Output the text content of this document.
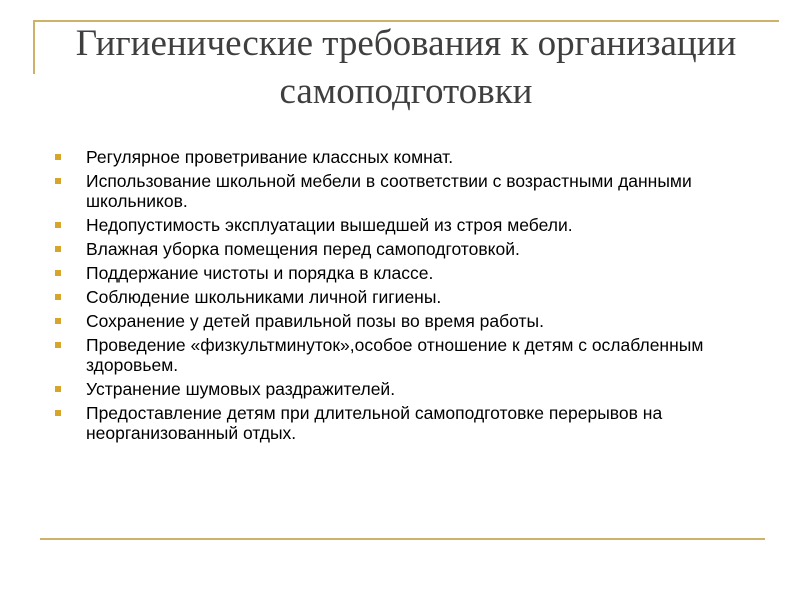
Гигиенические требования к организации
самоподготовки
Регулярное проветривание классных комнат.
Использование школьной мебели в соответствии с возрастными данными школьников.
Недопустимость эксплуатации вышедшей из строя мебели.
Влажная уборка помещения перед самоподготовкой.
Поддержание чистоты и порядка в классе.
Соблюдение школьниками личной гигиены.
Сохранение у детей правильной позы во время работы.
Проведение «физкультминуток»,особое отношение к детям с ослабленным здоровьем.
Устранение шумовых раздражителей.
Предоставление детям при длительной самоподготовке перерывов на неорганизованный отдых.
